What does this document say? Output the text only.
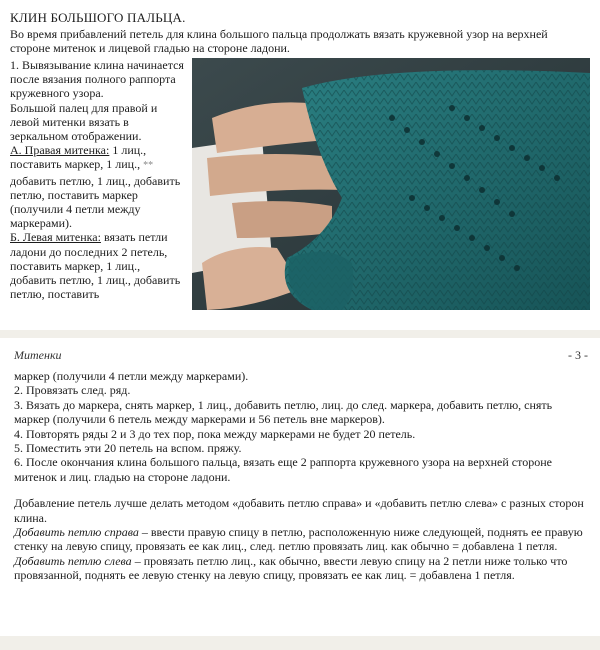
КЛИН БОЛЬШОГО ПАЛЬЦА.
Во время прибавлений петель для клина большого пальца продолжать вязать кружевной узор на верхней стороне митенок и лицевой гладью на стороне ладони.

1. Вывязывание клина начинается после вязания полного раппорта кружевного узора.

Большой палец для правой и левой митенки вязать в зеркальном отображении.

А. Правая митенка: 1 лиц., поставить маркер, 1 лиц., ** добавить петлю, 1 лиц., добавить петлю, поставить маркер (получили 4 петли между маркерами).

Б. Левая митенка: вязать петли ладони до последних 2 петель, поставить маркер, 1 лиц., добавить петлю, 1 лиц., добавить петлю, поставить

Митенки	- 3 -

маркер (получили 4 петли между маркерами).

2. Провязать след. ряд.

3. Вязать до маркера, снять маркер, 1 лиц., добавить петлю, лиц. до след. маркера, добавить петлю, снять маркер (получили 6 петель между маркерами и 56 петель вне маркеров).

4. Повторять ряды 2 и 3 до тех пор, пока между маркерами не будет 20 петель.

5. Поместить эти 20 петель на вспом. пряжу.

6. После окончания клина большого пальца, вязать еще 2 раппорта кружевного узора на верхней стороне митенок и лиц. гладью на стороне ладони.

Добавление петель лучше делать методом «добавить петлю справа» и «добавить петлю слева» с разных сторон клина.

Добавить петлю справа – ввести правую спицу в петлю, расположенную ниже следующей, поднять ее правую стенку на левую спицу, провязать ее как лиц., след. петлю провязать лиц. как обычно = добавлена 1 петля.

Добавить петлю слева – провязать петлю лиц., как обычно, ввести левую спицу на 2 петли ниже только что провязанной, поднять ее левую стенку на левую спицу, провязать ее как лиц. = добавлена 1 петля.
